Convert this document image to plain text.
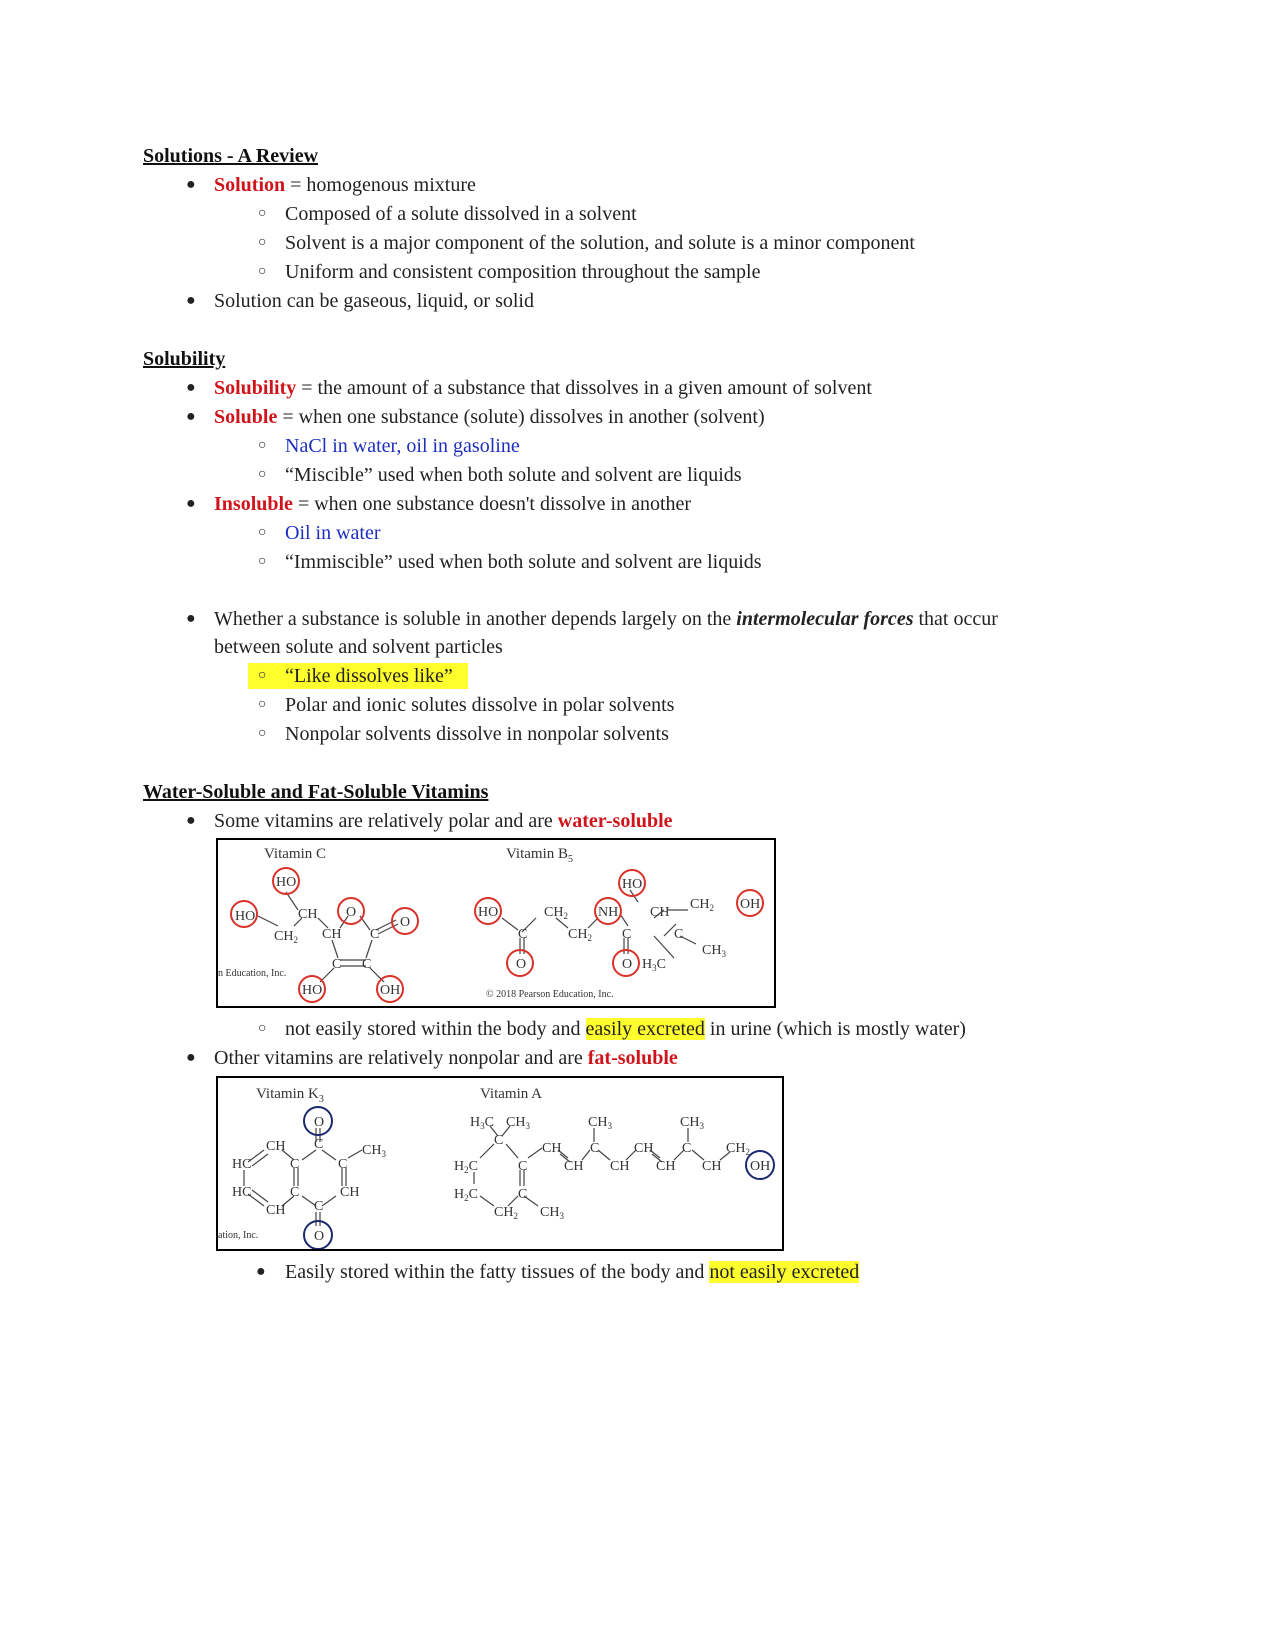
Solutions - A Review
● Solution = homogenous mixture
○ Composed of a solute dissolved in a solvent
○ Solvent is a major component of the solution, and solute is a minor component
○ Uniform and consistent composition throughout the sample
● Solution can be gaseous, liquid, or solid
Solubility
● Solubility = the amount of a substance that dissolves in a given amount of solvent
● Soluble = when one substance (solute) dissolves in another (solvent)
○ NaCl in water, oil in gasoline
○ “Miscible” used when both solute and solvent are liquids
● Insoluble = when one substance doesn't dissolve in another
○ Oil in water
○ “Immiscible” used when both solute and solvent are liquids
● Whether a substance is soluble in another depends largely on the intermolecular forces that occur
between solute and solvent particles
○ “Like dissolves like”
○ Polar and ionic solutes dissolve in polar solvents
○ Nonpolar solvents dissolve in nonpolar solvents
Water-Soluble and Fat-Soluble Vitamins
● Some vitamins are relatively polar and are water-soluble
Vitamin C	Vitamin $B_5$
HO
HO	CH
$CH_2$ CH
O
C
O
C C
HO	OH
HO	$CH_2$
$CH_2$
NH
HO
CH
$CH_2$ OH
C	C	C
$CH_3$
O	O $H_3C$
n Education, Inc.
© 2018 Pearson Education, Inc.
○ not easily stored within the body and easily excreted in urine (which is mostly water)
● Other vitamins are relatively nonpolar and are fat-soluble
Vitamin $K_3$	Vitamin A
O
C
CH	$CH_3$
HC	C	C
HC	C	CH
CH C
O
$H_3C$ $CH_3$
C
$CH_3$	$CH_3$
$H_2C$	C
CH
CH
C
CH
CH
CH
C
CH
$CH_2$
OH
$H_2C$	C
$CH_2$ $CH_3$
ation, Inc.
● Easily stored within the fatty tissues of the body and not easily excreted
